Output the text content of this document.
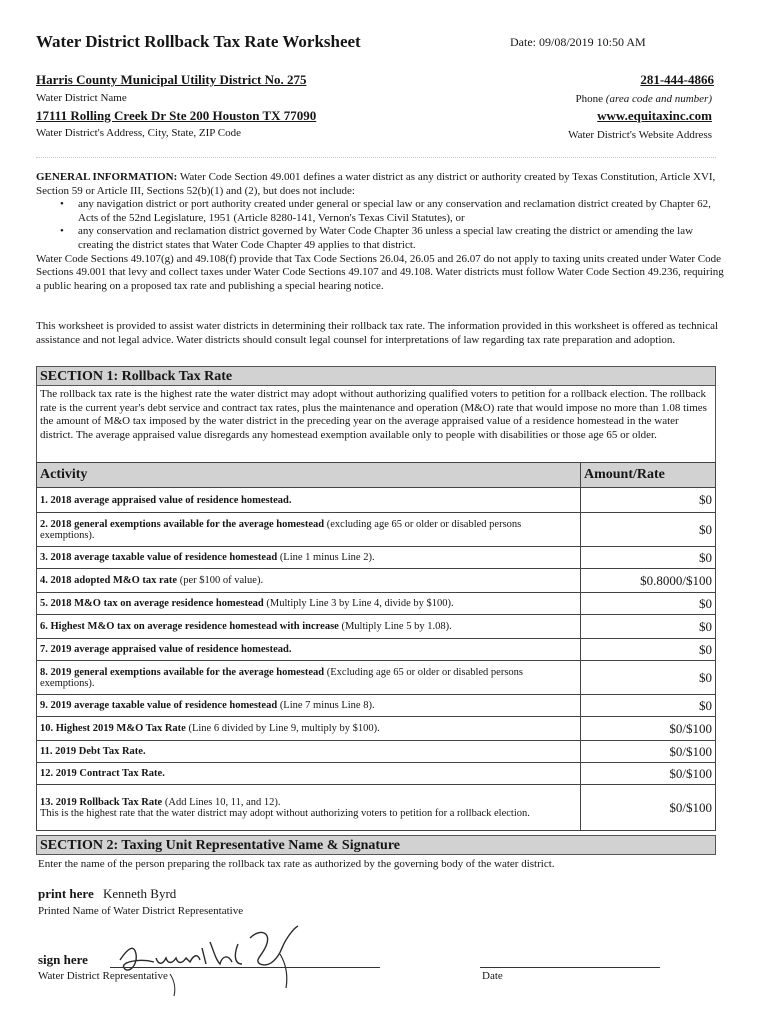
Water District Rollback Tax Rate Worksheet	Date: 09/08/2019 10:50 AM
Harris County Municipal Utility District No. 275
Water District Name
281-444-4866
Phone (area code and number)
17111 Rolling Creek Dr Ste 200 Houston TX 77090
Water District's Address, City, State, ZIP Code
www.equitaxinc.com
Water District's Website Address
GENERAL INFORMATION: Water Code Section 49.001 defines a water district as any district or authority created by Texas Constitution, Article XVI, Section 59 or Article III, Sections 52(b)(1) and (2), but does not include:
• any navigation district or port authority created under general or special law or any conservation and reclamation district created by Chapter 62, Acts of the 52nd Legislature, 1951 (Article 8280-141, Vernon's Texas Civil Statutes), or
• any conservation and reclamation district governed by Water Code Chapter 36 unless a special law creating the district or amending the law creating the district states that Water Code Chapter 49 applies to that district.
Water Code Sections 49.107(g) and 49.108(f) provide that Tax Code Sections 26.04, 26.05 and 26.07 do not apply to taxing units created under Water Code Sections 49.001 that levy and collect taxes under Water Code Sections 49.107 and 49.108. Water districts must follow Water Code Section 49.236, requiring a public hearing on a proposed tax rate and publishing a special hearing notice.
This worksheet is provided to assist water districts in determining their rollback tax rate. The information provided in this worksheet is offered as technical assistance and not legal advice. Water districts should consult legal counsel for interpretations of law regarding tax rate preparation and adoption.
SECTION 1: Rollback Tax Rate
The rollback tax rate is the highest rate the water district may adopt without authorizing qualified voters to petition for a rollback election. The rollback rate is the current year's debt service and contract tax rates, plus the maintenance and operation (M&O) rate that would impose no more than 1.08 times the amount of M&O tax imposed by the water district in the preceding year on the average appraised value of a residence homestead in the water district. The average appraised value disregards any homestead exemption available only to people with disabilities or those age 65 or older.
Activity	Amount/Rate
1. 2018 average appraised value of residence homestead.	$0
2. 2018 general exemptions available for the average homestead (excluding age 65 or older or disabled persons exemptions).	$0
3. 2018 average taxable value of residence homestead (Line 1 minus Line 2).	$0
4. 2018 adopted M&O tax rate (per $100 of value).	$0.8000/$100
5. 2018 M&O tax on average residence homestead (Multiply Line 3 by Line 4, divide by $100).	$0
6. Highest M&O tax on average residence homestead with increase (Multiply Line 5 by 1.08).	$0
7. 2019 average appraised value of residence homestead.	$0
8. 2019 general exemptions available for the average homestead (Excluding age 65 or older or disabled persons exemptions).	$0
9. 2019 average taxable value of residence homestead (Line 7 minus Line 8).	$0
10. Highest 2019 M&O Tax Rate (Line 6 divided by Line 9, multiply by $100).	$0/$100
11. 2019 Debt Tax Rate.	$0/$100
12. 2019 Contract Tax Rate.	$0/$100
13. 2019 Rollback Tax Rate (Add Lines 10, 11, and 12).
This is the highest rate that the water district may adopt without authorizing voters to petition for a rollback election.	$0/$100
SECTION 2: Taxing Unit Representative Name & Signature
Enter the name of the person preparing the rollback tax rate as authorized by the governing body of the water district.
print here Kenneth Byrd
Printed Name of Water District Representative
sign here
Water District Representative	Date
